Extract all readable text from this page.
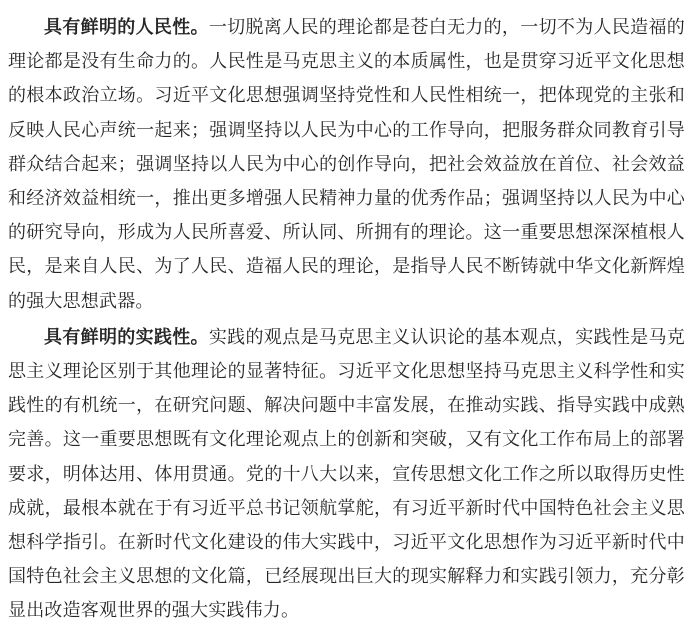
具有鲜明的人民性。一切脱离人民的理论都是苍白无力的，一切不为人民造福的理论都是没有生命力的。人民性是马克思主义的本质属性，也是贯穿习近平文化思想的根本政治立场。习近平文化思想强调坚持党性和人民性相统一，把体现党的主张和反映人民心声统一起来；强调坚持以人民为中心的工作导向，把服务群众同教育引导群众结合起来；强调坚持以人民为中心的创作导向，把社会效益放在首位、社会效益和经济效益相统一，推出更多增强人民精神力量的优秀作品；强调坚持以人民为中心的研究导向，形成为人民所喜爱、所认同、所拥有的理论。这一重要思想深深植根人民，是来自人民、为了人民、造福人民的理论，是指导人民不断铸就中华文化新辉煌的强大思想武器。

具有鲜明的实践性。实践的观点是马克思主义认识论的基本观点，实践性是马克思主义理论区别于其他理论的显著特征。习近平文化思想坚持马克思主义科学性和实践性的有机统一，在研究问题、解决问题中丰富发展，在推动实践、指导实践中成熟完善。这一重要思想既有文化理论观点上的创新和突破，又有文化工作布局上的部署要求，明体达用、体用贯通。党的十八大以来，宣传思想文化工作之所以取得历史性成就，最根本就在于有习近平总书记领航掌舵，有习近平新时代中国特色社会主义思想科学指引。在新时代文化建设的伟大实践中，习近平文化思想作为习近平新时代中国特色社会主义思想的文化篇，已经展现出巨大的现实解释力和实践引领力，充分彰显出改造客观世界的强大实践伟力。
